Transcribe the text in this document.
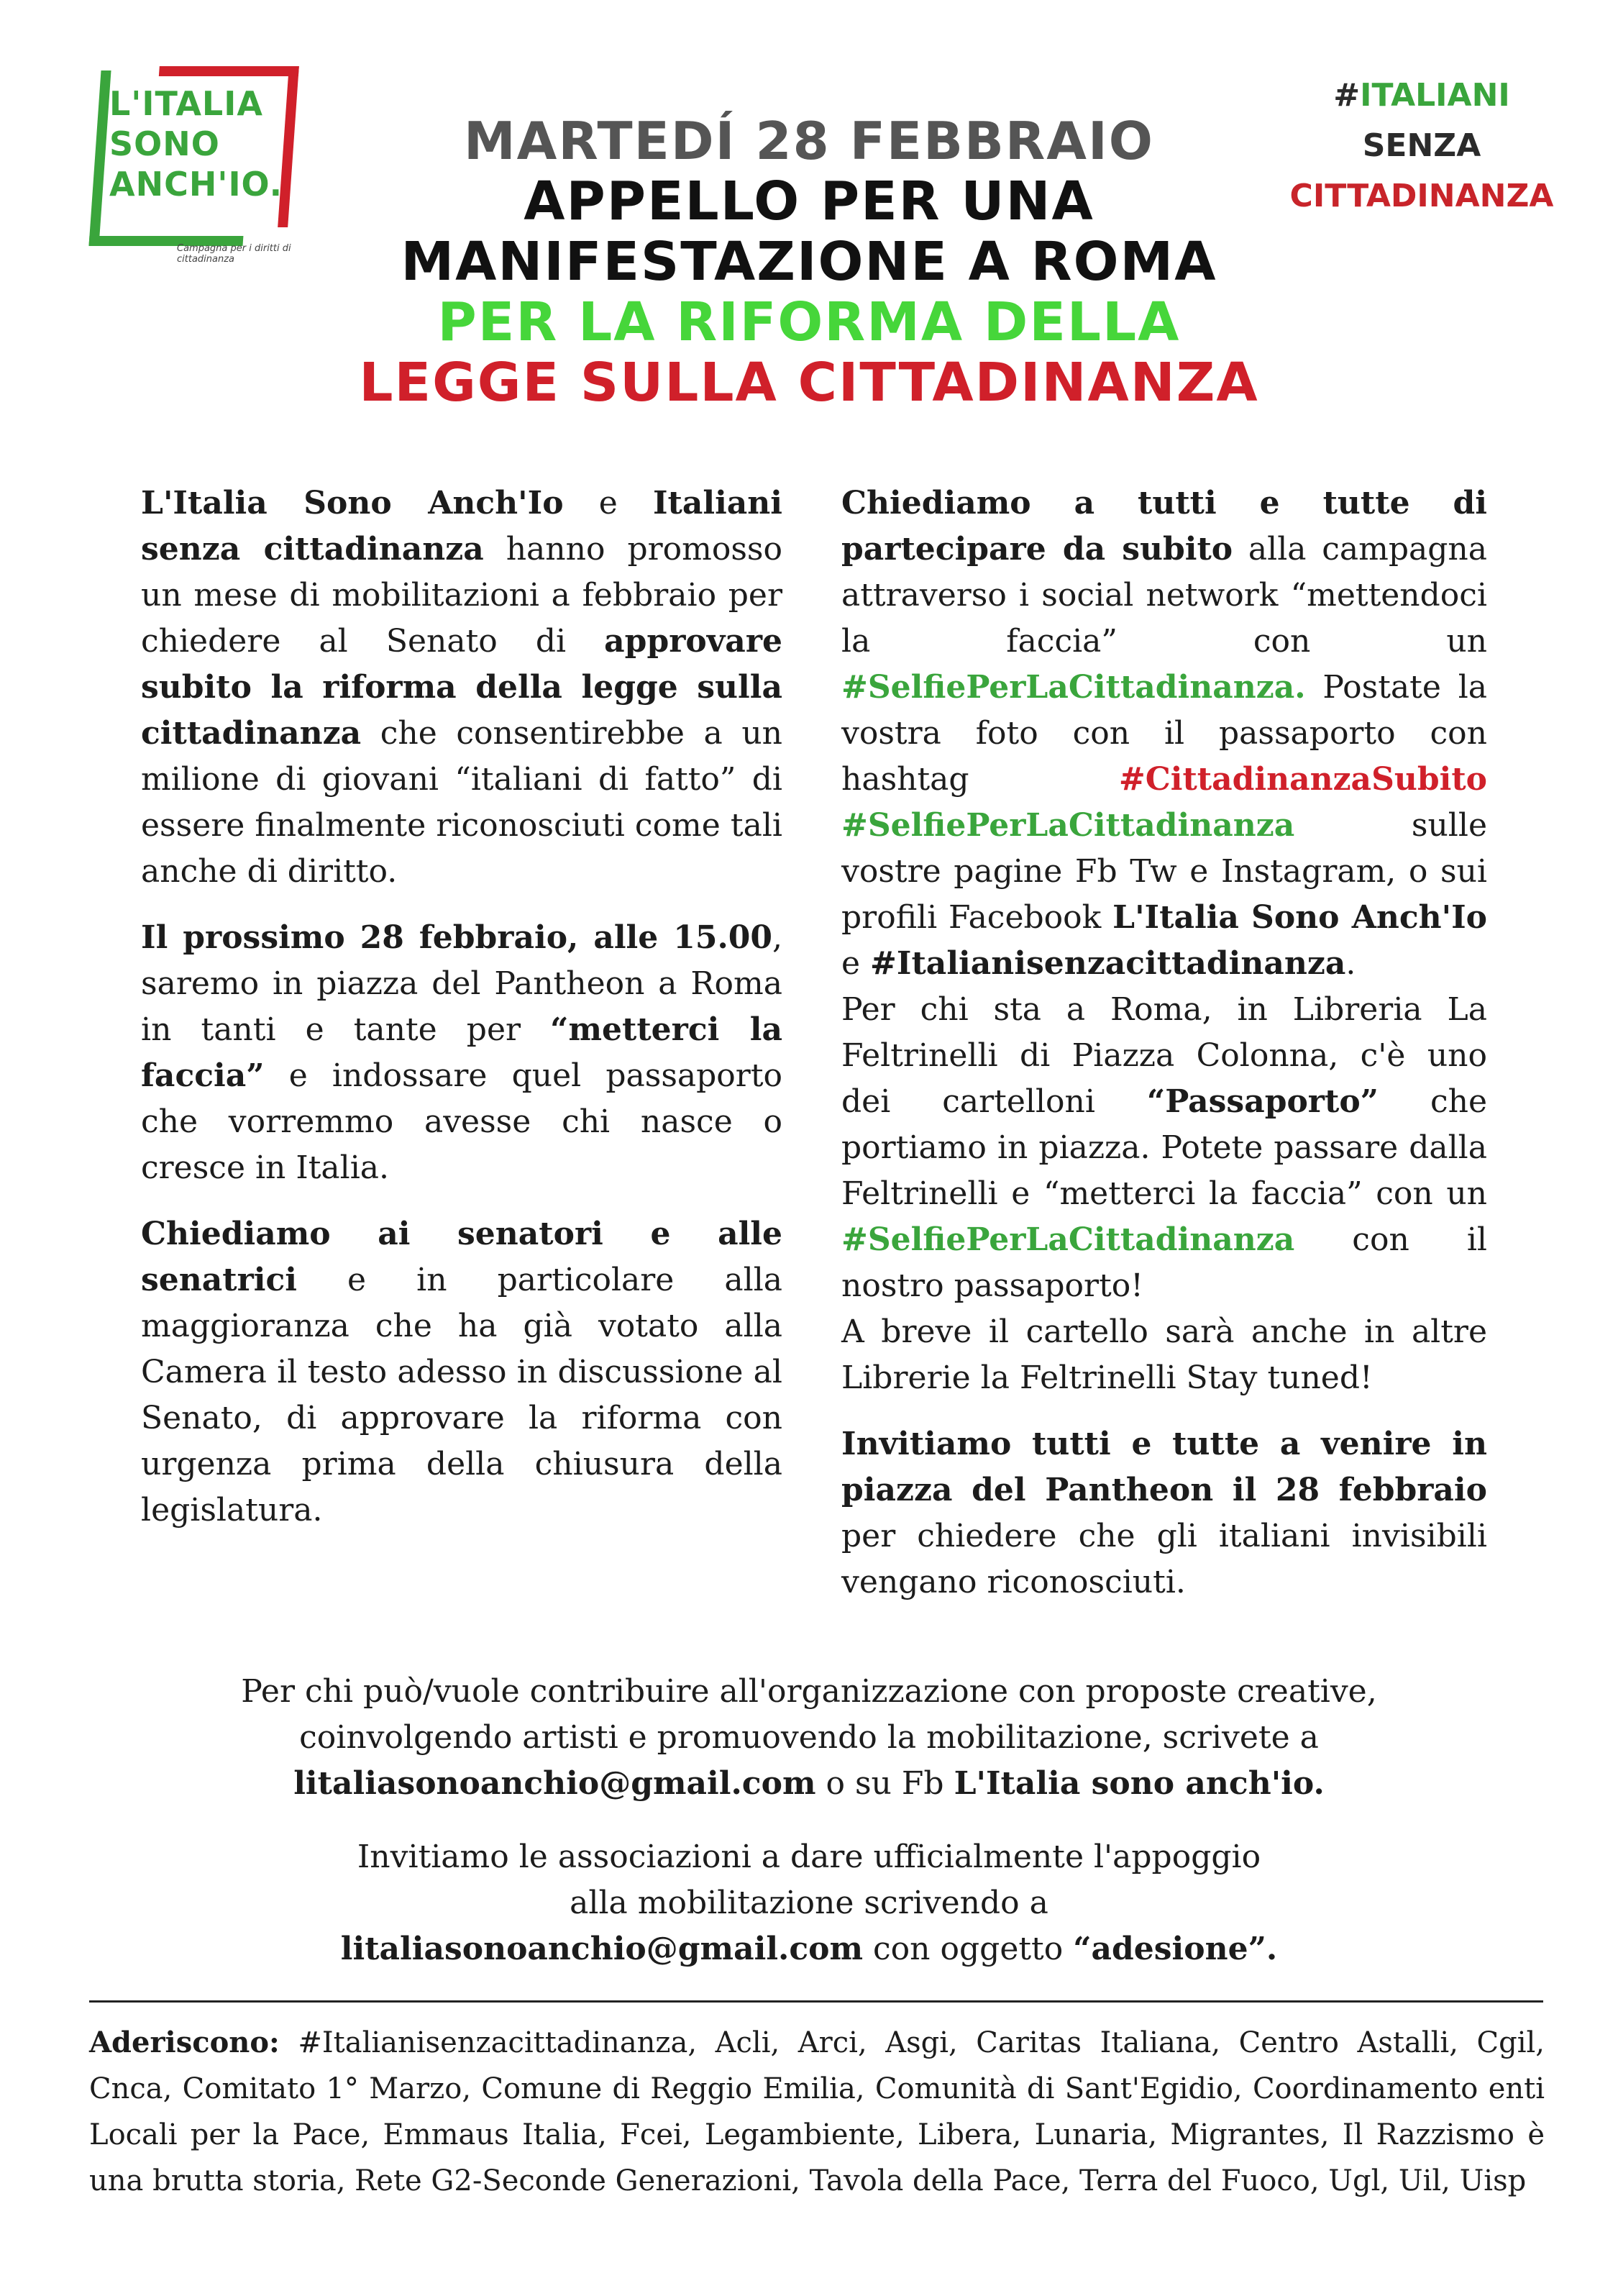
L'ITALIA
SONO
ANCH'IO.
Campagna per i diritti di cittadinanza
#ITALIANI
SENZA
CITTADINANZA
MARTEDÍ 28 FEBBRAIO
APPELLO PER UNA
MANIFESTAZIONE A ROMA
PER LA RIFORMA DELLA
LEGGE SULLA CITTADINANZA

L'Italia Sono Anch'Io e Italiani senza cittadinanza hanno promosso un mese di mobilitazioni a febbraio per chiedere al Senato di approvare subito la riforma della legge sulla cittadinanza che consentirebbe a un milione di giovani “italiani di fatto” di essere finalmente riconosciuti come tali anche di diritto.

Il prossimo 28 febbraio, alle 15.00, saremo in piazza del Pantheon a Roma in tanti e tante per “metterci la faccia” e indossare quel passaporto che vorremmo avesse chi nasce o cresce in Italia.

Chiediamo ai senatori e alle senatrici e in particolare alla maggioranza che ha già votato alla Camera il testo adesso in discussione al Senato, di approvare la riforma con urgenza prima della chiusura della legislatura.

Chiediamo a tutti e tutte di partecipare da subito alla campagna attraverso i social network “mettendoci la faccia” con un #SelfiePerLaCittadinanza. Postate la vostra foto con il passaporto con hashtag #CittadinanzaSubito #SelfiePerLaCittadinanza sulle vostre pagine Fb Tw e Instagram, o sui profili Facebook L'Italia Sono Anch'Io e #Italianisenzacittadinanza.
Per chi sta a Roma, in Libreria La Feltrinelli di Piazza Colonna, c'è uno dei cartelloni “Passaporto” che portiamo in piazza. Potete passare dalla Feltrinelli e “metterci la faccia” con un #SelfiePerLaCittadinanza con il nostro passaporto!
A breve il cartello sarà anche in altre Librerie la Feltrinelli Stay tuned!

Invitiamo tutti e tutte a venire in piazza del Pantheon il 28 febbraio per chiedere che gli italiani invisibili vengano riconosciuti.

Per chi può/vuole contribuire all'organizzazione con proposte creative,
coinvolgendo artisti e promuovendo la mobilitazione, scrivete a
litaliasonoanchio@gmail.com o su Fb L'Italia sono anch'io.
Invitiamo le associazioni a dare ufficialmente l'appoggio
alla mobilitazione scrivendo a
litaliasonoanchio@gmail.com con oggetto “adesione”.
Aderiscono: #Italianisenzacittadinanza, Acli, Arci, Asgi, Caritas Italiana, Centro Astalli, Cgil, Cnca, Comitato 1° Marzo, Comune di Reggio Emilia, Comunità di Sant'Egidio, Coordinamento enti Locali per la Pace, Emmaus Italia, Fcei, Legambiente, Libera, Lunaria, Migrantes, Il Razzismo è una brutta storia, Rete G2-Seconde Generazioni, Tavola della Pace, Terra del Fuoco, Ugl, Uil, Uisp
